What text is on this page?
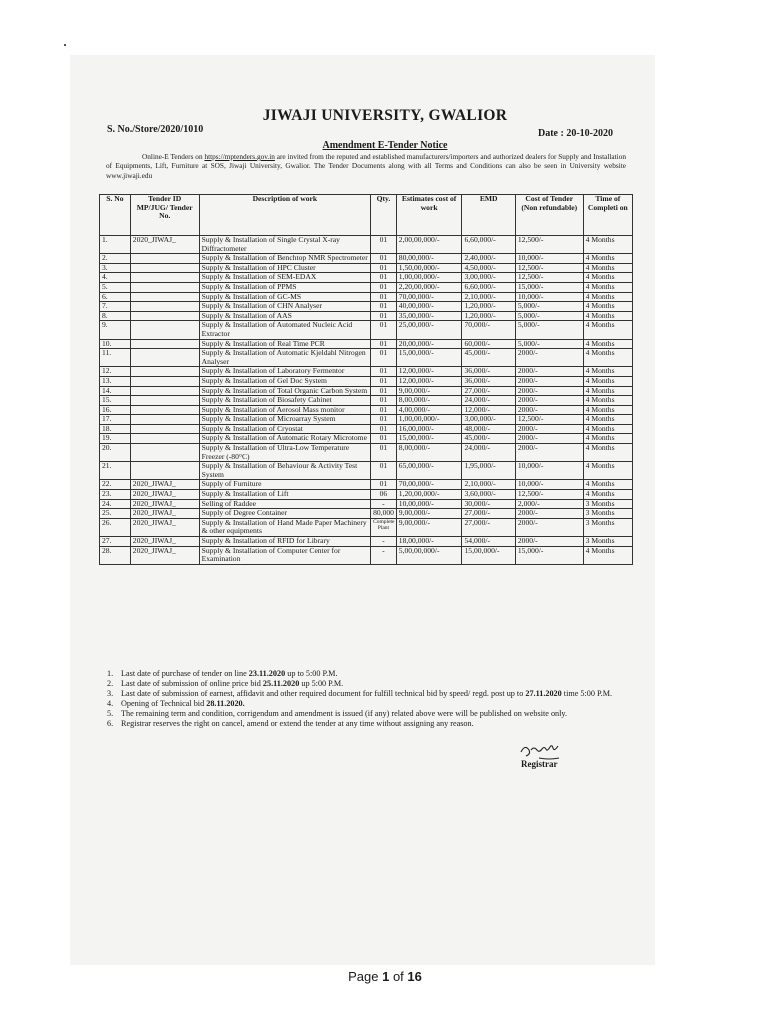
JIWAJI UNIVERSITY, GWALIOR
S. No./Store/2020/1010	Date : 20-10-2020
Amendment E-Tender Notice
Online-E Tenders on https://mptenders.gov.in are invited from the reputed and established manufacturers/importers and authorized dealers for Supply and Installation of Equipments, Lift, Furniture at SOS, Jiwaji University, Gwalior. The Tender Documents along with all Terms and Conditions can also be seen in University website www.jiwaji.edu
S. No	Tender ID MP/JUG/ Tender No.	Description of work	Qty.	Estimates cost of work	EMD	Cost of Tender (Non refundable)	Time of Completi on
1.	2020_JIWAJ_	Supply & Installation of Single Crystal X-ray Diffractometer	01	2,00,00,000/-	6,60,000/-	12,500/-	4 Months
2.		Supply & Installation of Benchtop NMR Spectrometer	01	80,00,000/-	2,40,000/-	10,000/-	4 Months
3.		Supply & Installation of HPC Cluster	01	1,50,00,000/-	4,50,000/-	12,500/-	4 Months
4.		Supply & Installation of SEM-EDAX	01	1,00,00,000/-	3,00,000/-	12,500/-	4 Months
5.		Supply & Installation of PPMS	01	2,20,00,000/-	6,60,000/-	15,000/-	4 Months
6.		Supply & Installation of GC-MS	01	70,00,000/-	2,10,000/-	10,000/-	4 Months
7.		Supply & Installation of CHN Analyser	01	40,00,000/-	1,20,000/-	5,000/-	4 Months
8.		Supply & Installation of AAS	01	35,00,000/-	1,20,000/-	5,000/-	4 Months
9.		Supply & Installation of Automated Nucleic Acid Extractor	01	25,00,000/-	70,000/-	5,000/-	4 Months
10.		Supply & Installation of Real Time PCR	01	20,00,000/-	60,000/-	5,000/-	4 Months
11.		Supply & Installation of Automatic Kjeldahl Nitrogen Analyser	01	15,00,000/-	45,000/-	2000/-	4 Months
12.		Supply & Installation of Laboratory Fermentor	01	12,00,000/-	36,000/-	2000/-	4 Months
13.		Supply & Installation of Gel Doc System	01	12,00,000/-	36,000/-	2000/-	4 Months
14.		Supply & Installation of Total Organic Carbon System	01	9,00,000/-	27,000/-	2000/-	4 Months
15.		Supply & Installation of Biosafety Cabinet	01	8,00,000/-	24,000/-	2000/-	4 Months
16.		Supply & Installation of Aerosol Mass monitor	01	4,00,000/-	12,000/-	2000/-	4 Months
17.		Supply & Installation of Microarray System	01	1,00,00,000/-	3,00,000/-	12,500/-	4 Months
18.		Supply & Installation of Cryostat	01	16,00,000/-	48,000/-	2000/-	4 Months
19.		Supply & Installation of Automatic Rotary Microtome	01	15,00,000/-	45,000/-	2000/-	4 Months
20.		Supply & Installation of Ultra-Low Temperature Freezer (-80°C)	01	8,00,000/-	24,000/-	2000/-	4 Months
21.		Supply & Installation of Behaviour & Activity Test System	01	65,00,000/-	1,95,000/-	10,000/-	4 Months
22.	2020_JIWAJ_	Supply of Furniture	01	70,00,000/-	2,10,000/-	10,000/-	4 Months
23.	2020_JIWAJ_	Supply & Installation of Lift	06	1,20,00,000/-	3,60,000/-	12,500/-	4 Months
24.	2020_JIWAJ_	Selling of Raddee	-	10,00,000/-	30,000/-	2,000/-	3 Months
25.	2020_JIWAJ_	Supply of Degree Container	80,000	9,00,000/-	27,000/-	2000/-	3 Months
26.	2020_JIWAJ_	Supply & Installation of Hand Made Paper Machinery & other equipments	Complete Plant	9,00,000/-	27,000/-	2000/-	3 Months
27.	2020_JIWAJ_	Supply & Installation of RFID for Library	-	18,00,000/-	54,000/-	2000/-	3 Months
28.	2020_JIWAJ_	Supply & Installation of Computer Center for Examination	-	5,00,00,000/-	15,00,000/-	15,000/-	4 Months
1. Last date of purchase of tender on line 23.11.2020 up to 5:00 P.M.
2. Last date of submission of online price bid 25.11.2020 up 5:00 P.M.
3. Last date of submission of earnest, affidavit and other required document for fulfill technical bid by speed/ regd. post up to 27.11.2020 time 5:00 P.M.
4. Opening of Technical bid 28.11.2020.
5. The remaining term and condition, corrigendum and amendment is issued (if any) related above were will be published on website only.
6. Registrar reserves the right on cancel, amend or extend the tender at any time without assigning any reason.
Registrar
Page 1 of 16
